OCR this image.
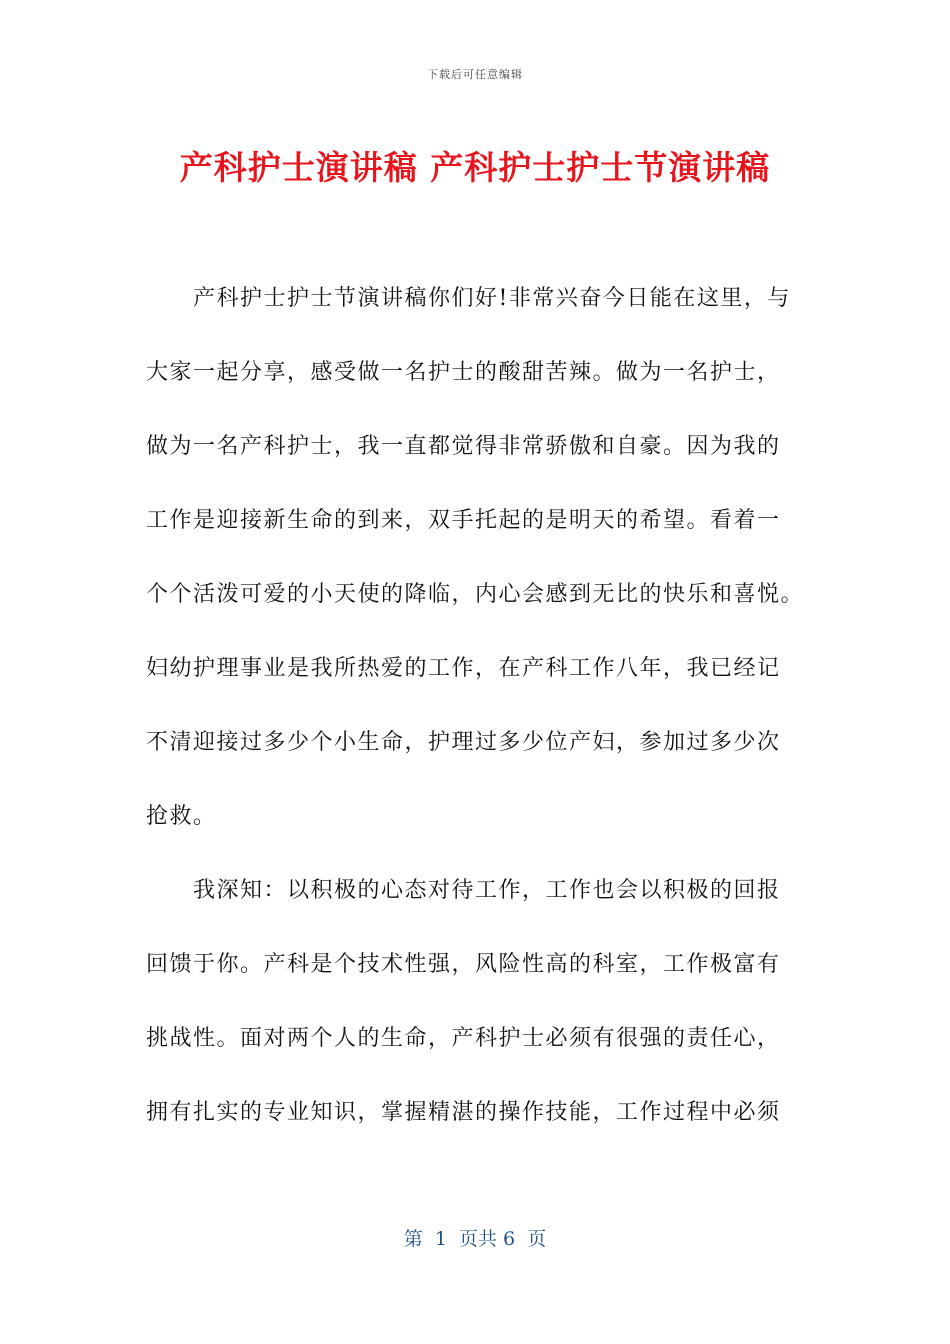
下载后可任意编辑
产科护士演讲稿 产科护士护士节演讲稿
　　产科护士护士节演讲稿你们好!非常兴奋今日能在这里，与
大家一起分享，感受做一名护士的酸甜苦辣。做为一名护士，
做为一名产科护士，我一直都觉得非常骄傲和自豪。因为我的
工作是迎接新生命的到来，双手托起的是明天的希望。看着一
个个活泼可爱的小天使的降临，内心会感到无比的快乐和喜悦。
妇幼护理事业是我所热爱的工作，在产科工作八年，我已经记
不清迎接过多少个小生命，护理过多少位产妇，参加过多少次
抢救。
　　我深知：以积极的心态对待工作，工作也会以积极的回报
回馈于你。产科是个技术性强，风险性高的科室，工作极富有
挑战性。面对两个人的生命，产科护士必须有很强的责任心，
拥有扎实的专业知识，掌握精湛的操作技能，工作过程中必须
第  1  页共 6  页
